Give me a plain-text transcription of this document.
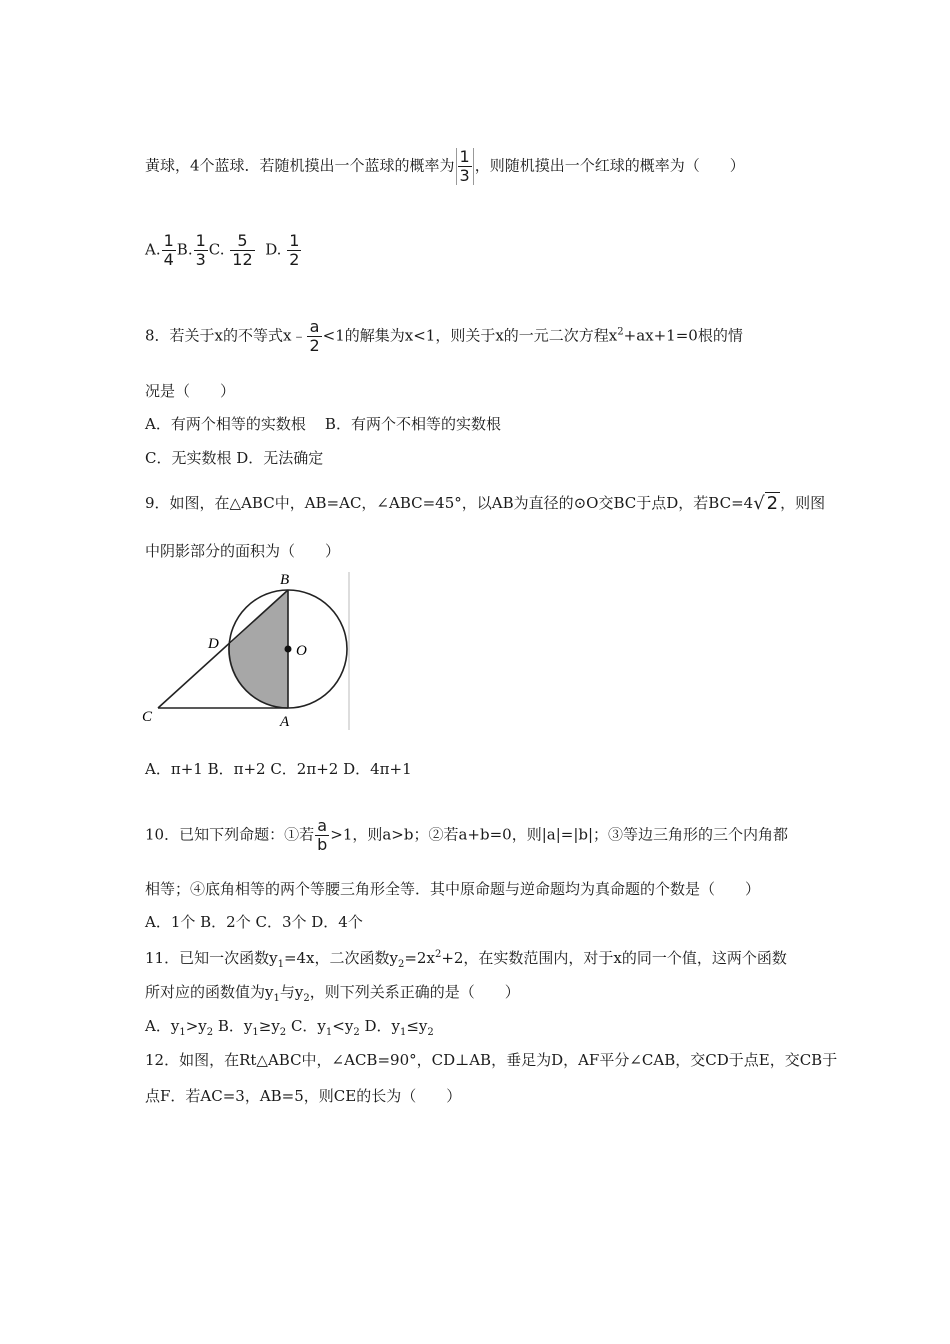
黄球，4个蓝球．若随机摸出一个蓝球的概率为 $\frac{1}{3}$ ，则随机摸出一个红球的概率为（　　）
A. $\frac{1}{4} B$. $\frac{1}{3} C$. $\frac{5}{12} D$. $\frac{1}{2}$
8．若关于x的不等式x﹣ $\frac{a}{2} <1$的解集为x<1，则关于x的一元二次方程$x^2+ax+1=0$根的情
况是（　　）
A．有两个相等的实数根 B．有两个不相等的实数根
C．无实数根 D．无法确定
9．如图，在△ABC中，AB=AC，∠ABC=45°，以AB为直径的⊙O交BC于点D，若BC=4√ 2 ，则图
中阴影部分的面积为（　　）
B
D	O
C	A
A．π+1 B．π+2 C．2π+2 D．4π+1
10．已知下列命题：①若 $\frac{a}{b} >1$，则a>b；②若a+b=0，则|a|=|b|；③等边三角形的三个内角都
相等；④底角相等的两个等腰三角形全等．其中原命题与逆命题均为真命题的个数是（　　）
A．1个 B．2个 C．3个 D．4个
11．已知一次函数$y_1=4x$，二次函数$y_2=2x^2+2$，在实数范围内，对于x的同一个值，这两个函数
所对应的函数值为$y_1$与$y_2$，则下列关系正确的是（　　）
A．$y_1>y_2$ B．$y_1\ge y_2$ C．$y_1<y_2$ D．$y_1\le y_2$
12．如图，在Rt△ABC中，∠ACB=90°，CD⊥AB，垂足为D，AF平分∠CAB，交CD于点E，交CB于
点F．若AC=3，AB=5，则CE的长为（　　）
